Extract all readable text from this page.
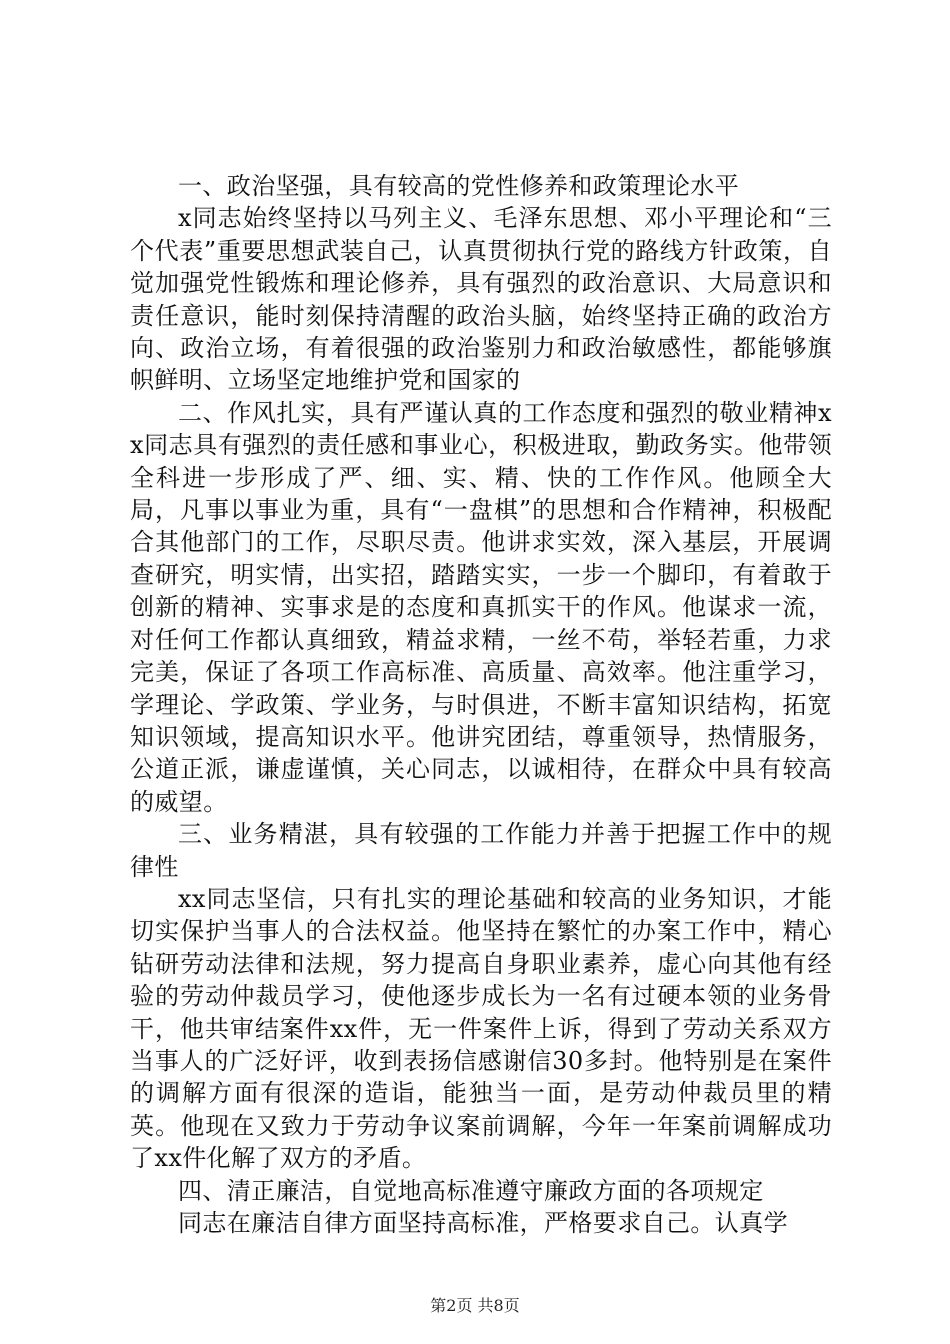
一、政治坚强，具有较高的党性修养和政策理论水平

x同志始终坚持以马列主义、毛泽东思想、邓小平理论和“三个代表”重要思想武装自己，认真贯彻执行党的路线方针政策，自觉加强党性锻炼和理论修养，具有强烈的政治意识、大局意识和责任意识，能时刻保持清醒的政治头脑，始终坚持正确的政治方向、政治立场，有着很强的政治鉴别力和政治敏感性，都能够旗帜鲜明、立场坚定地维护党和国家的

二、作风扎实，具有严谨认真的工作态度和强烈的敬业精神xx同志具有强烈的责任感和事业心，积极进取，勤政务实。他带领全科进一步形成了严、细、实、精、快的工作作风。他顾全大局，凡事以事业为重，具有“一盘棋”的思想和合作精神，积极配合其他部门的工作，尽职尽责。他讲求实效，深入基层，开展调查研究，明实情，出实招，踏踏实实，一步一个脚印，有着敢于创新的精神、实事求是的态度和真抓实干的作风。他谋求一流，对任何工作都认真细致，精益求精，一丝不苟，举轻若重，力求完美，保证了各项工作高标准、高质量、高效率。他注重学习，学理论、学政策、学业务，与时俱进，不断丰富知识结构，拓宽知识领域，提高知识水平。他讲究团结，尊重领导，热情服务，公道正派，谦虚谨慎，关心同志，以诚相待，在群众中具有较高的威望。

三、业务精湛，具有较强的工作能力并善于把握工作中的规律性

xx同志坚信，只有扎实的理论基础和较高的业务知识，才能切实保护当事人的合法权益。他坚持在繁忙的办案工作中，精心钻研劳动法律和法规，努力提高自身职业素养，虚心向其他有经验的劳动仲裁员学习，使他逐步成长为一名有过硬本领的业务骨干，他共审结案件xx件，无一件案件上诉，得到了劳动关系双方当事人的广泛好评，收到表扬信感谢信30多封。他特别是在案件的调解方面有很深的造诣，能独当一面，是劳动仲裁员里的精英。他现在又致力于劳动争议案前调解，今年一年案前调解成功了xx件化解了双方的矛盾。

四、清正廉洁，自觉地高标准遵守廉政方面的各项规定

同志在廉洁自律方面坚持高标准，严格要求自己。认真学

第2页 共8页
